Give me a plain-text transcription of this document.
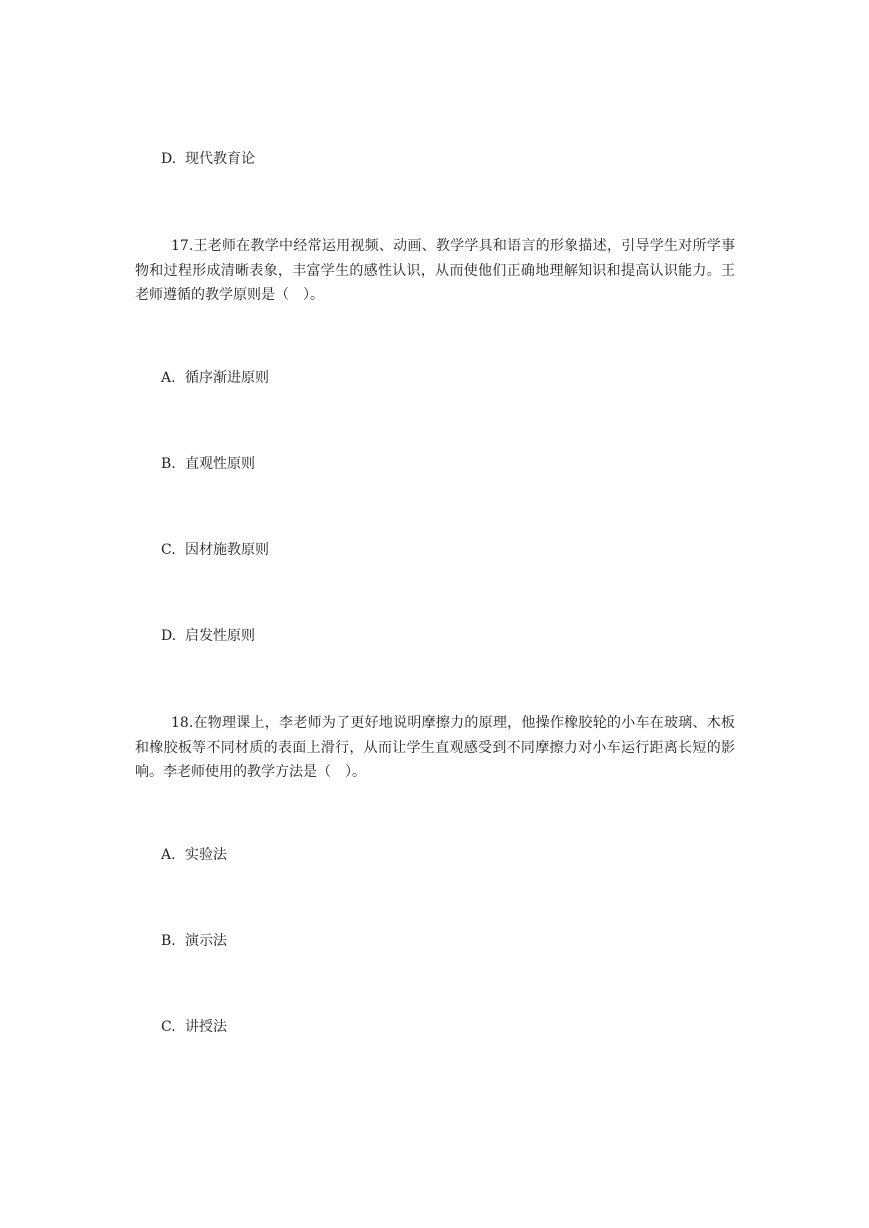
D. 现代教育论

17.王老师在教学中经常运用视频、动画、教学学具和语言的形象描述，引导学生对所学事物和过程形成清晰表象，丰富学生的感性认识，从而使他们正确地理解知识和提高认识能力。王老师遵循的教学原则是（　）。

A. 循序渐进原则
B. 直观性原则
C. 因材施教原则
D. 启发性原则

18.在物理课上，李老师为了更好地说明摩擦力的原理，他操作橡胶轮的小车在玻璃、木板和橡胶板等不同材质的表面上滑行，从而让学生直观感受到不同摩擦力对小车运行距离长短的影响。李老师使用的教学方法是（　）。

A. 实验法
B. 演示法
C. 讲授法
